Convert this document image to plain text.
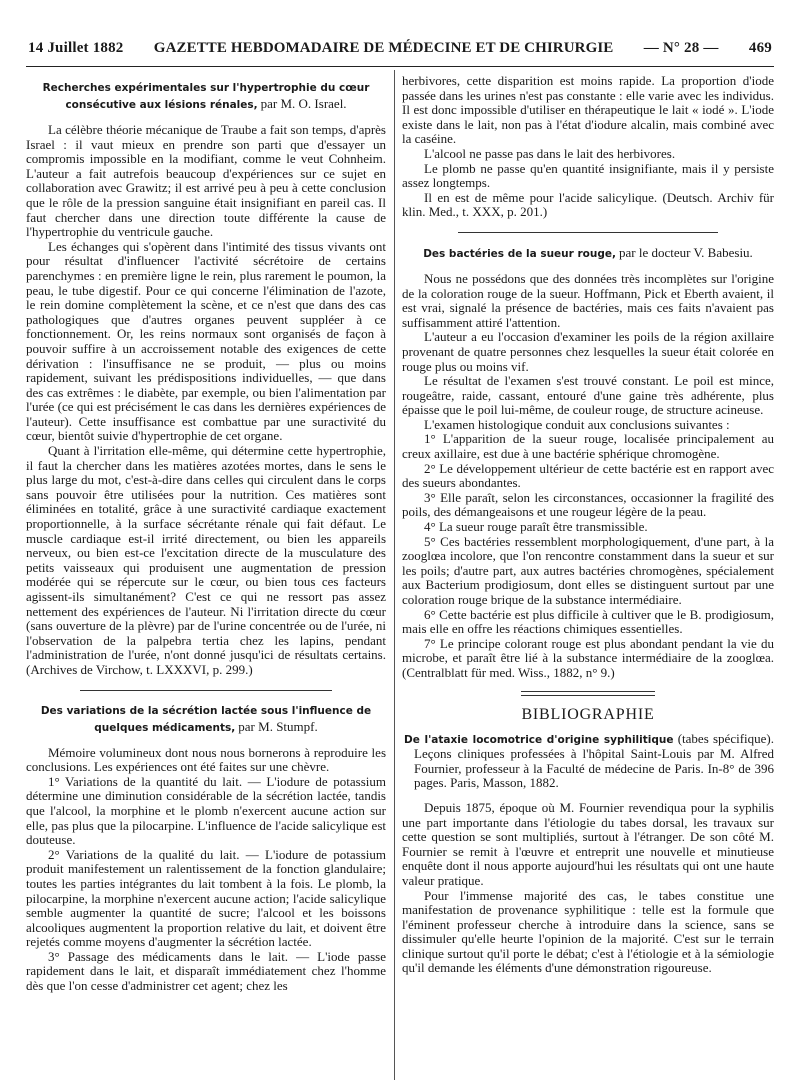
14 Juillet 1882 GAZETTE HEBDOMADAIRE DE MÉDECINE ET DE CHIRURGIE — N° 28 — 469
Recherches expérimentales sur l'hypertrophie du cœur consécutive aux lésions rénales, par M. O. Israel.

La célèbre théorie mécanique de Traube a fait son temps, d'après Israel : il vaut mieux en prendre son parti que d'essayer un compromis impossible en la modifiant, comme le veut Cohnheim. L'auteur a fait autrefois beaucoup d'expériences sur ce sujet en collaboration avec Grawitz; il est arrivé peu à peu à cette conclusion que le rôle de la pression sanguine était insignifiant en pareil cas. Il faut chercher dans une direction toute différente la cause de l'hypertrophie du ventricule gauche.

Les échanges qui s'opèrent dans l'intimité des tissus vivants ont pour résultat d'influencer l'activité sécrétoire de certains parenchymes : en première ligne le rein, plus rarement le poumon, la peau, le tube digestif. Pour ce qui concerne l'élimination de l'azote, le rein domine complètement la scène, et ce n'est que dans des cas pathologiques que d'autres organes peuvent suppléer à ce fonctionnement. Or, les reins normaux sont organisés de façon à pouvoir suffire à un accroissement notable des exigences de cette dérivation : l'insuffisance ne se produit, — plus ou moins rapidement, suivant les prédispositions individuelles, — que dans des cas extrêmes : le diabète, par exemple, ou bien l'alimentation par l'urée (ce qui est précisément le cas dans les dernières expériences de l'auteur). Cette insuffisance est combattue par une suractivité du cœur, bientôt suivie d'hypertrophie de cet organe.

Quant à l'irritation elle-même, qui détermine cette hypertrophie, il faut la chercher dans les matières azotées mortes, dans le sens le plus large du mot, c'est-à-dire dans celles qui circulent dans le corps sans pouvoir être utilisées pour la nutrition. Ces matières sont éliminées en totalité, grâce à une suractivité cardiaque exactement proportionnelle, à la surface sécrétante rénale qui fait défaut. Le muscle cardiaque est-il irrité directement, ou bien les appareils nerveux, ou bien est-ce l'excitation directe de la musculature des petits vaisseaux qui produisent une augmentation de pression modérée qui se répercute sur le cœur, ou bien tous ces facteurs agissent-ils simultanément? C'est ce qui ne ressort pas assez nettement des expériences de l'auteur. Ni l'irritation directe du cœur (sans ouverture de la plèvre) par de l'urine concentrée ou de l'urée, ni l'observation de la palpebra tertia chez les lapins, pendant l'administration de l'urée, n'ont donné jusqu'ici de résultats certains. (Archives de Virchow, t. LXXXVI, p. 299.)

Des variations de la sécrétion lactée sous l'influence de quelques médicaments, par M. Stumpf.

Mémoire volumineux dont nous nous bornerons à reproduire les conclusions. Les expériences ont été faites sur une chèvre.

1° Variations de la quantité du lait. — L'iodure de potassium détermine une diminution considérable de la sécrétion lactée, tandis que l'alcool, la morphine et le plomb n'exercent aucune action sur elle, pas plus que la pilocarpine. L'influence de l'acide salicylique est douteuse.

2° Variations de la qualité du lait. — L'iodure de potassium produit manifestement un ralentissement de la fonction glandulaire; toutes les parties intégrantes du lait tombent à la fois. Le plomb, la pilocarpine, la morphine n'exercent aucune action; l'acide salicylique semble augmenter la quantité de sucre; l'alcool et les boissons alcooliques augmentent la proportion relative du lait, et doivent être rejetés comme moyens d'augmenter la sécrétion lactée.

3° Passage des médicaments dans le lait. — L'iode passe rapidement dans le lait, et disparaît immédiatement chez l'homme dès que l'on cesse d'administrer cet agent; chez les

herbivores, cette disparition est moins rapide. La proportion d'iode passée dans les urines n'est pas constante : elle varie avec les individus. Il est donc impossible d'utiliser en thérapeutique le lait « iodé ». L'iode existe dans le lait, non pas à l'état d'iodure alcalin, mais combiné avec la caséine.

L'alcool ne passe pas dans le lait des herbivores.

Le plomb ne passe qu'en quantité insignifiante, mais il y persiste assez longtemps.

Il en est de même pour l'acide salicylique. (Deutsch. Archiv für klin. Med., t. XXX, p. 201.)

Des bactéries de la sueur rouge, par le docteur V. Babesiu.

Nous ne possédons que des données très incomplètes sur l'origine de la coloration rouge de la sueur. Hoffmann, Pick et Eberth avaient, il est vrai, signalé la présence de bactéries, mais ces faits n'avaient pas suffisamment attiré l'attention.

L'auteur a eu l'occasion d'examiner les poils de la région axillaire provenant de quatre personnes chez lesquelles la sueur était colorée en rouge plus ou moins vif.

Le résultat de l'examen s'est trouvé constant. Le poil est mince, rougeâtre, raide, cassant, entouré d'une gaine très adhérente, plus épaisse que le poil lui-même, de couleur rouge, de structure acineuse.

L'examen histologique conduit aux conclusions suivantes :

1° L'apparition de la sueur rouge, localisée principalement au creux axillaire, est due à une bactérie sphérique chromogène.

2° Le développement ultérieur de cette bactérie est en rapport avec des sueurs abondantes.

3° Elle paraît, selon les circonstances, occasionner la fragilité des poils, des démangeaisons et une rougeur légère de la peau.

4° La sueur rouge paraît être transmissible.

5° Ces bactéries ressemblent morphologiquement, d'une part, à la zooglœa incolore, que l'on rencontre constamment dans la sueur et sur les poils; d'autre part, aux autres bactéries chromogènes, spécialement aux Bacterium prodigiosum, dont elles se distinguent surtout par une coloration rouge brique de la substance intermédiaire.

6° Cette bactérie est plus difficile à cultiver que le B. prodigiosum, mais elle en offre les réactions chimiques essentielles.

7° Le principe colorant rouge est plus abondant pendant la vie du microbe, et paraît être lié à la substance intermédiaire de la zooglœa. (Centralblatt für med. Wiss., 1882, n° 9.)

BIBLIOGRAPHIE
De l'ataxie locomotrice d'origine syphilitique (tabes spécifique). Leçons cliniques professées à l'hôpital Saint-Louis par M. Alfred Fournier, professeur à la Faculté de médecine de Paris. In-8° de 396 pages. Paris, Masson, 1882.

Depuis 1875, époque où M. Fournier revendiqua pour la syphilis une part importante dans l'étiologie du tabes dorsal, les travaux sur cette question se sont multipliés, surtout à l'étranger. De son côté M. Fournier se remit à l'œuvre et entreprit une nouvelle et minutieuse enquête dont il nous apporte aujourd'hui les résultats qui ont une haute valeur pratique.

Pour l'immense majorité des cas, le tabes constitue une manifestation de provenance syphilitique : telle est la formule que l'éminent professeur cherche à introduire dans la science, sans se dissimuler qu'elle heurte l'opinion de la majorité. C'est sur le terrain clinique surtout qu'il porte le débat; c'est à l'étiologie et à la sémiologie qu'il demande les éléments d'une démonstration rigoureuse.
